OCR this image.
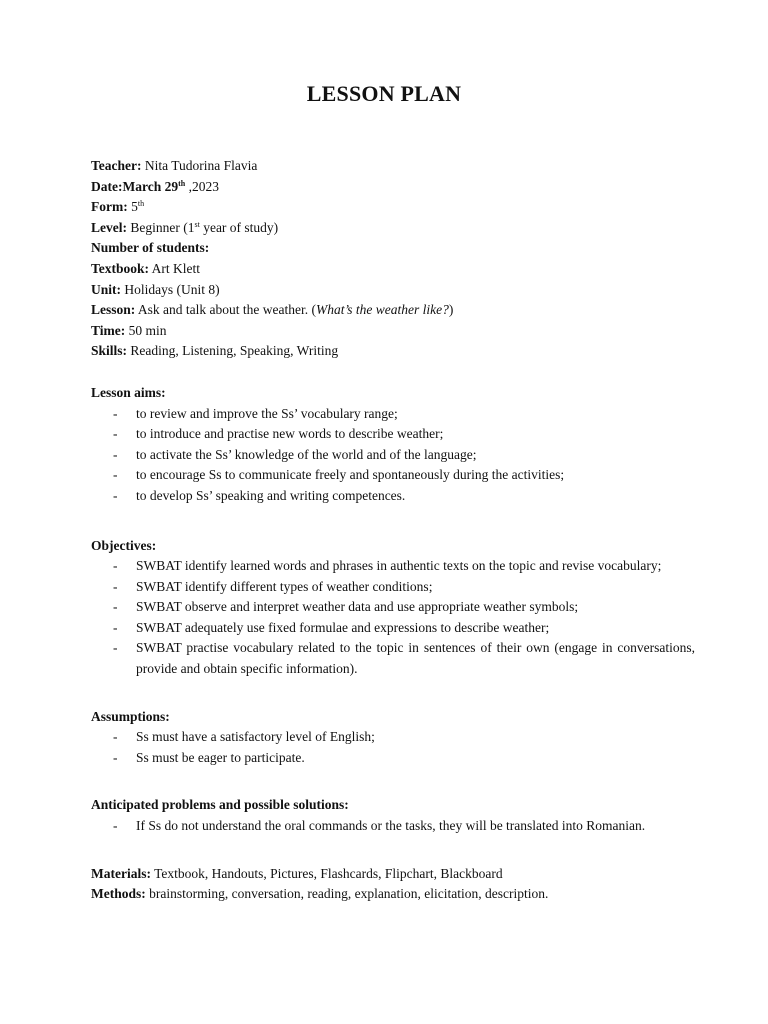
LESSON PLAN

Teacher: Nita Tudorina Flavia

Date:March 29th ,2023

Form: 5th

Level: Beginner (1st year of study)

Number of students:

Textbook: Art Klett

Unit: Holidays (Unit 8)

Lesson: Ask and talk about the weather. (What’s the weather like?)

Time: 50 min

Skills: Reading, Listening, Speaking, Writing

Lesson aims:

- to review and improve the Ss’ vocabulary range;
- to introduce and practise new words to describe weather;
- to activate the Ss’ knowledge of the world and of the language;
- to encourage Ss to communicate freely and spontaneously during the activities;
- to develop Ss’ speaking and writing competences.

Objectives:

- SWBAT identify learned words and phrases in authentic texts on the topic and revise vocabulary;
- SWBAT identify different types of weather conditions;
- SWBAT observe and interpret weather data and use appropriate weather symbols;
- SWBAT adequately use fixed formulae and expressions to describe weather;
- SWBAT practise vocabulary related to the topic in sentences of their own (engage in conversations, provide and obtain specific information).

Assumptions:

- Ss must have a satisfactory level of English;
- Ss must be eager to participate.

Anticipated problems and possible solutions:

- If Ss do not understand the oral commands or the tasks, they will be translated into Romanian.

Materials: Textbook, Handouts, Pictures, Flashcards, Flipchart, Blackboard

Methods: brainstorming, conversation, reading, explanation, elicitation, description.
